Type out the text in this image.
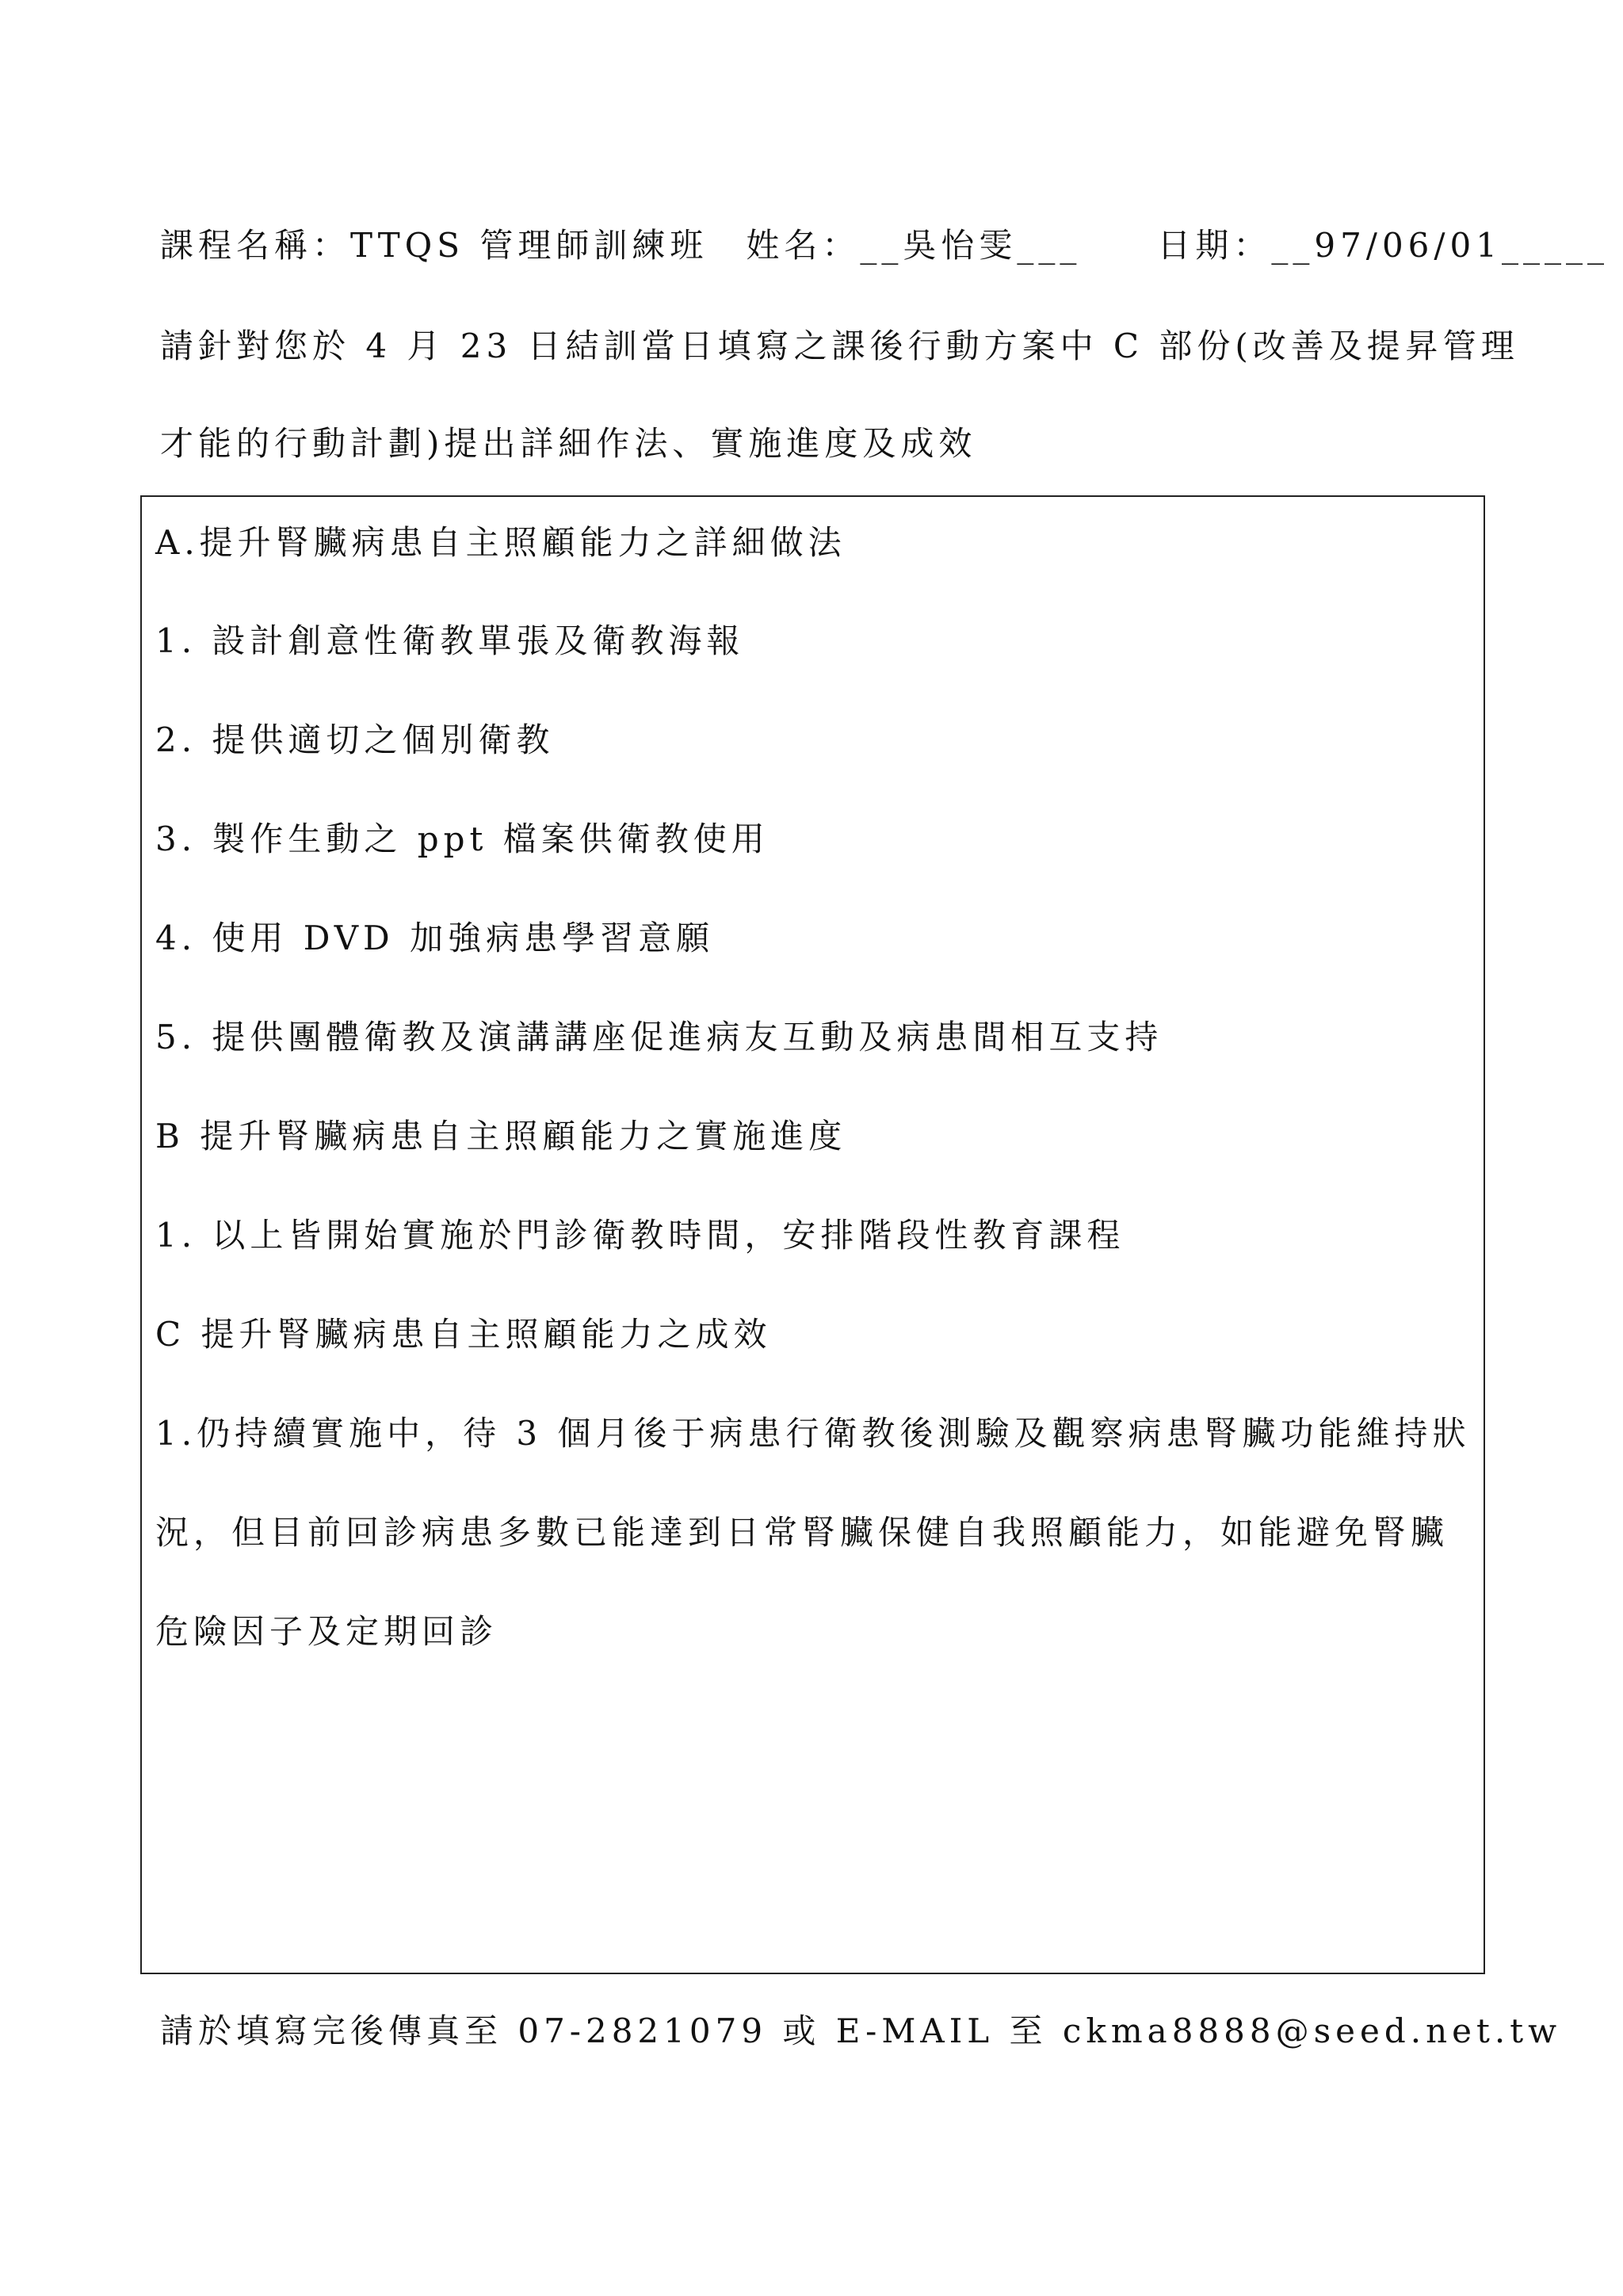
課程名稱：TTQS 管理師訓練班　姓名：__吳怡雯___　　日期：__97/06/01_____
請針對您於 4 月 23 日結訓當日填寫之課後行動方案中 C 部份(改善及提昇管理
才能的行動計劃)提出詳細作法、實施進度及成效
A.提升腎臟病患自主照顧能力之詳細做法
1. 設計創意性衛教單張及衛教海報
2. 提供適切之個別衛教
3. 製作生動之 ppt 檔案供衛教使用
4. 使用 DVD 加強病患學習意願
5. 提供團體衛教及演講講座促進病友互動及病患間相互支持
B 提升腎臟病患自主照顧能力之實施進度
1. 以上皆開始實施於門診衛教時間，安排階段性教育課程
C 提升腎臟病患自主照顧能力之成效
1.仍持續實施中，待 3 個月後于病患行衛教後測驗及觀察病患腎臟功能維持狀
況，但目前回診病患多數已能達到日常腎臟保健自我照顧能力，如能避免腎臟
危險因子及定期回診
請於填寫完後傳真至 07-2821079 或 E-MAIL 至 ckma8888@seed.net.tw
